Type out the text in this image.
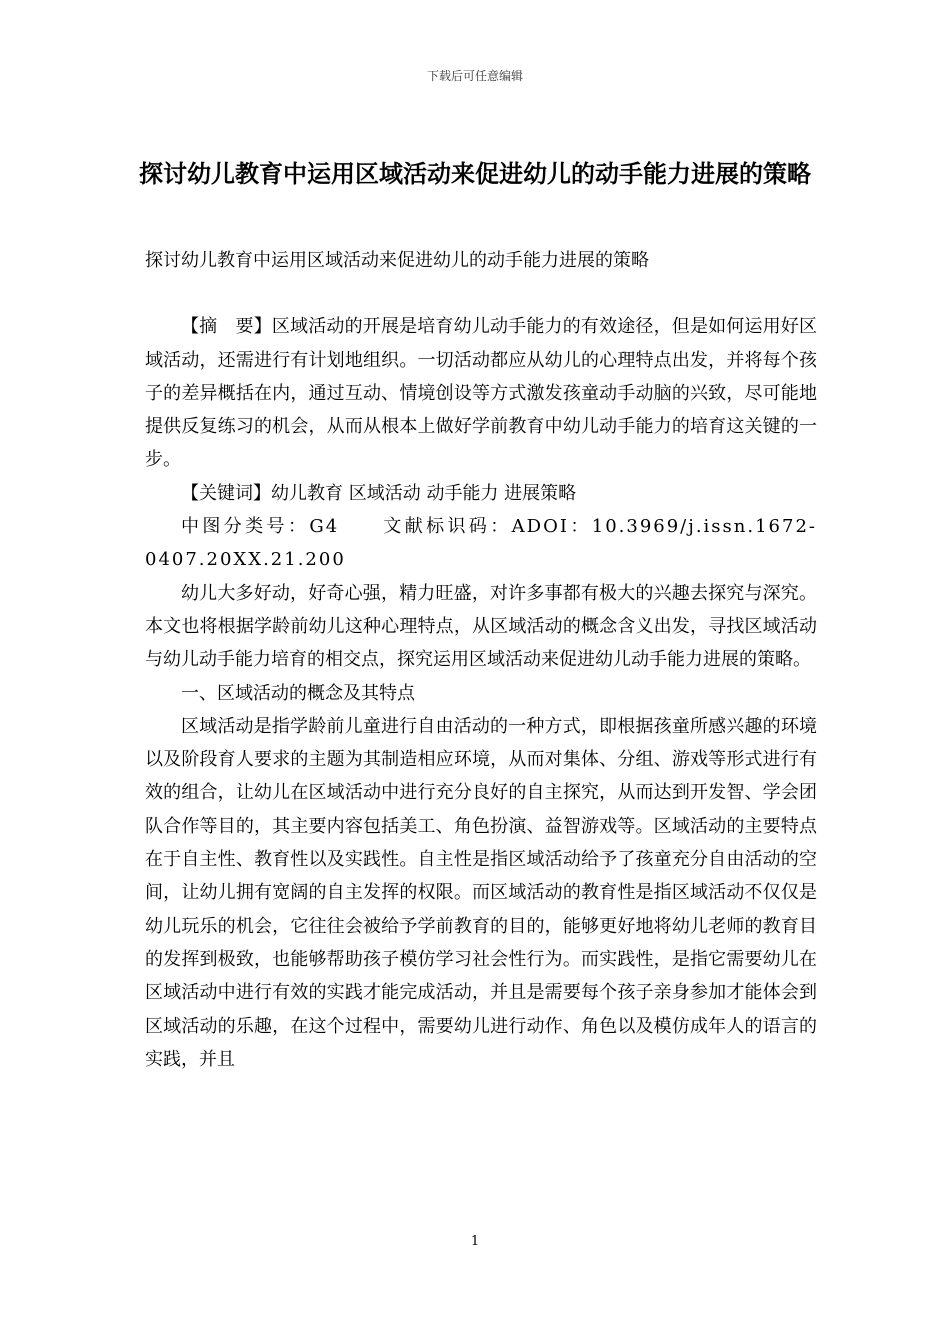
下载后可任意编辑
探讨幼儿教育中运用区域活动来促进幼儿的动手能力进展的策略

探讨幼儿教育中运用区域活动来促进幼儿的动手能力进展的策略

【摘　要】区域活动的开展是培育幼儿动手能力的有效途径，但是如何运用好区域活动，还需进行有计划地组织。一切活动都应从幼儿的心理特点出发，并将每个孩子的差异概括在内，通过互动、情境创设等方式激发孩童动手动脑的兴致，尽可能地提供反复练习的机会，从而从根本上做好学前教育中幼儿动手能力的培育这关键的一步。

【关键词】幼儿教育 区域活动 动手能力 进展策略

中图分类号：G4　　文献标识码：ADOI：10.3969/j.issn.1672-0407.20XX.21.200

幼儿大多好动，好奇心强，精力旺盛，对许多事都有极大的兴趣去探究与深究。本文也将根据学龄前幼儿这种心理特点，从区域活动的概念含义出发，寻找区域活动与幼儿动手能力培育的相交点，探究运用区域活动来促进幼儿动手能力进展的策略。

一、区域活动的概念及其特点

区域活动是指学龄前儿童进行自由活动的一种方式，即根据孩童所感兴趣的环境以及阶段育人要求的主题为其制造相应环境，从而对集体、分组、游戏等形式进行有效的组合，让幼儿在区域活动中进行充分良好的自主探究，从而达到开发智、学会团队合作等目的，其主要内容包括美工、角色扮演、益智游戏等。区域活动的主要特点在于自主性、教育性以及实践性。自主性是指区域活动给予了孩童充分自由活动的空间，让幼儿拥有宽阔的自主发挥的权限。而区域活动的教育性是指区域活动不仅仅是幼儿玩乐的机会，它往往会被给予学前教育的目的，能够更好地将幼儿老师的教育目的发挥到极致，也能够帮助孩子模仿学习社会性行为。而实践性，是指它需要幼儿在区域活动中进行有效的实践才能完成活动，并且是需要每个孩子亲身参加才能体会到区域活动的乐趣，在这个过程中，需要幼儿进行动作、角色以及模仿成年人的语言的实践，并且

1
